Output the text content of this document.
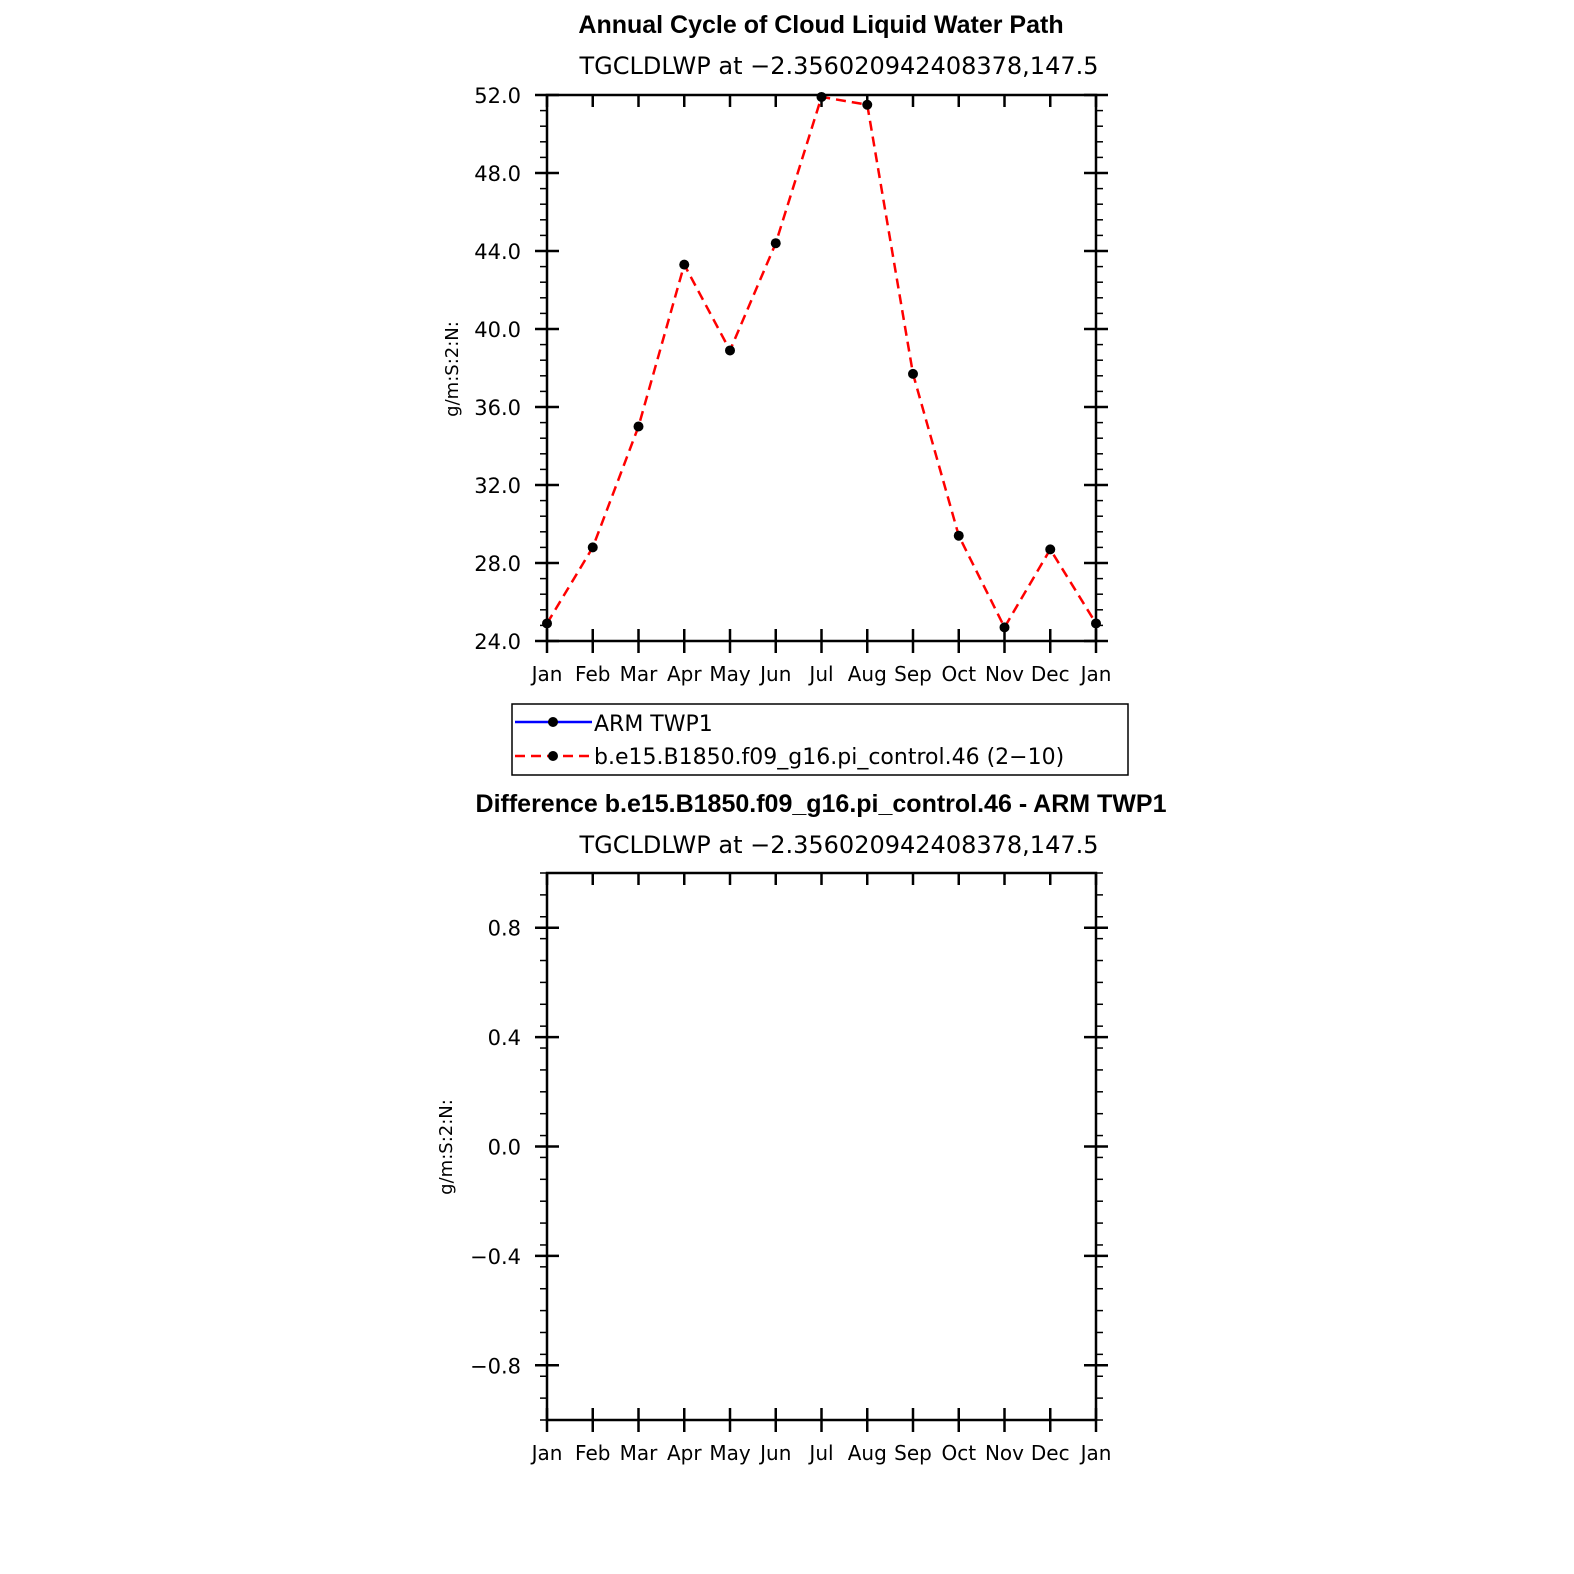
Annual Cycle of Cloud Liquid Water Path
TGCLDLWP at −2.356020942408378,147.5
g/m:S:2:N:
Jan Feb Mar Apr May Jun Jul Aug Sep Oct Nov Dec Jan
24.0
28.0
32.0
36.0
40.0
44.0
48.0
52.0
ARM TWP1
b.e15.B1850.f09_g16.pi_control.46 (2−10)
Difference b.e15.B1850.f09_g16.pi_control.46 - ARM TWP1
TGCLDLWP at −2.356020942408378,147.5
g/m:S:2:N:
Jan Feb Mar Apr May Jun Jul Aug Sep Oct Nov Dec Jan
−0.8
−0.4
0.0
0.4
0.8
